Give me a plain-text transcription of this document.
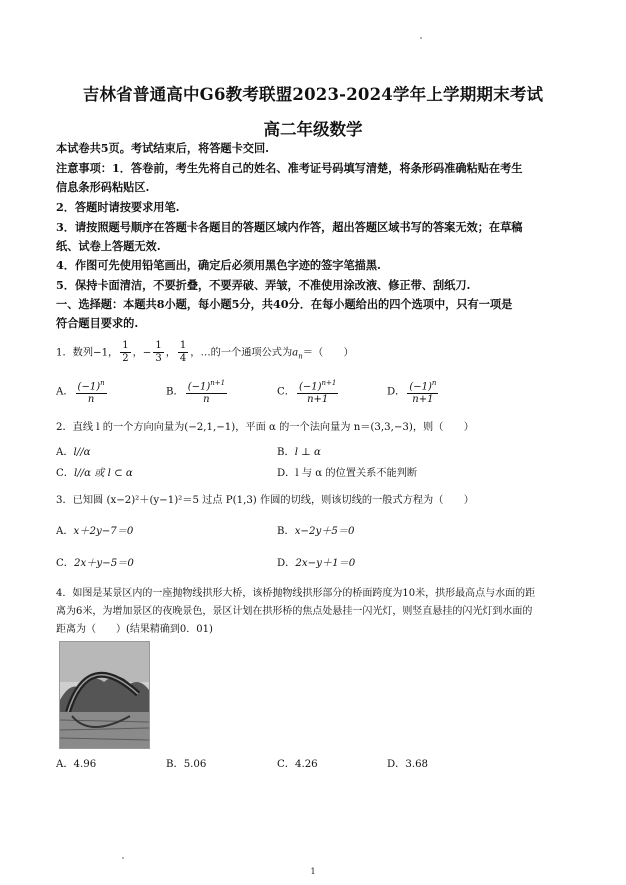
吉林省普通高中G6教考联盟2023-2024学年上学期期末考试
高二年级数学
本试卷共5页。考试结束后，将答题卡交回.
注意事项：1．答卷前，考生先将自己的姓名、准考证号码填写清楚，将条形码准确粘贴在考生
信息条形码粘贴区.
2．答题时请按要求用笔.
3．请按照题号顺序在答题卡各题目的答题区域内作答，超出答题区域书写的答案无效；在草稿
纸、试卷上答题无效.
4．作图可先使用铅笔画出，确定后必须用黑色字迹的签字笔描黑.
5．保持卡面清洁，不要折叠，不要弄破、弄皱，不准使用涂改液、修正带、刮纸刀.
一、选择题：本题共8小题，每小题5分，共40分．在每小题给出的四个选项中，只有一项是
符合题目要求的.
1．数列−1， $\frac{1}{2}$ ，− $\frac{1}{3}$ ， $\frac{1}{4}$ ，…的一个通项公式为$a_n=$（　　）
A． $\frac{(-1)^n}{n}$	B． $\frac{(-1)^{n+1}}{n}$	C． $\frac{(-1)^{n+1}}{n+1}$	D． $\frac{(-1)^n}{n+1}$
2．直线 l 的一个方向向量为(−2,1,−1)，平面 α 的一个法向量为 n＝(3,3,−3)，则（　　）
A．l//α	B．l ⊥ α
C．l//α 或 l ⊂ α	D．l 与 α 的位置关系不能判断
3．已知圆 (x−2)²＋(y−1)²＝5 过点 P(1,3) 作圆的切线，则该切线的一般式方程为（　　）
A．x＋2y−7＝0	B．x−2y＋5＝0
C．2x＋y−5＝0	D．2x−y＋1＝0
4．如图是某景区内的一座抛物线拱形大桥，该桥抛物线拱形部分的桥面跨度为10米，拱形最高点与水面的距
离为6米，为增加景区的夜晚景色，景区计划在拱形桥的焦点处悬挂一闪光灯，则竖直悬挂的闪光灯到水面的
距离为（　　）(结果精确到0．01)
A．4.96	B．5.06	C．4.26	D．3.68
1
